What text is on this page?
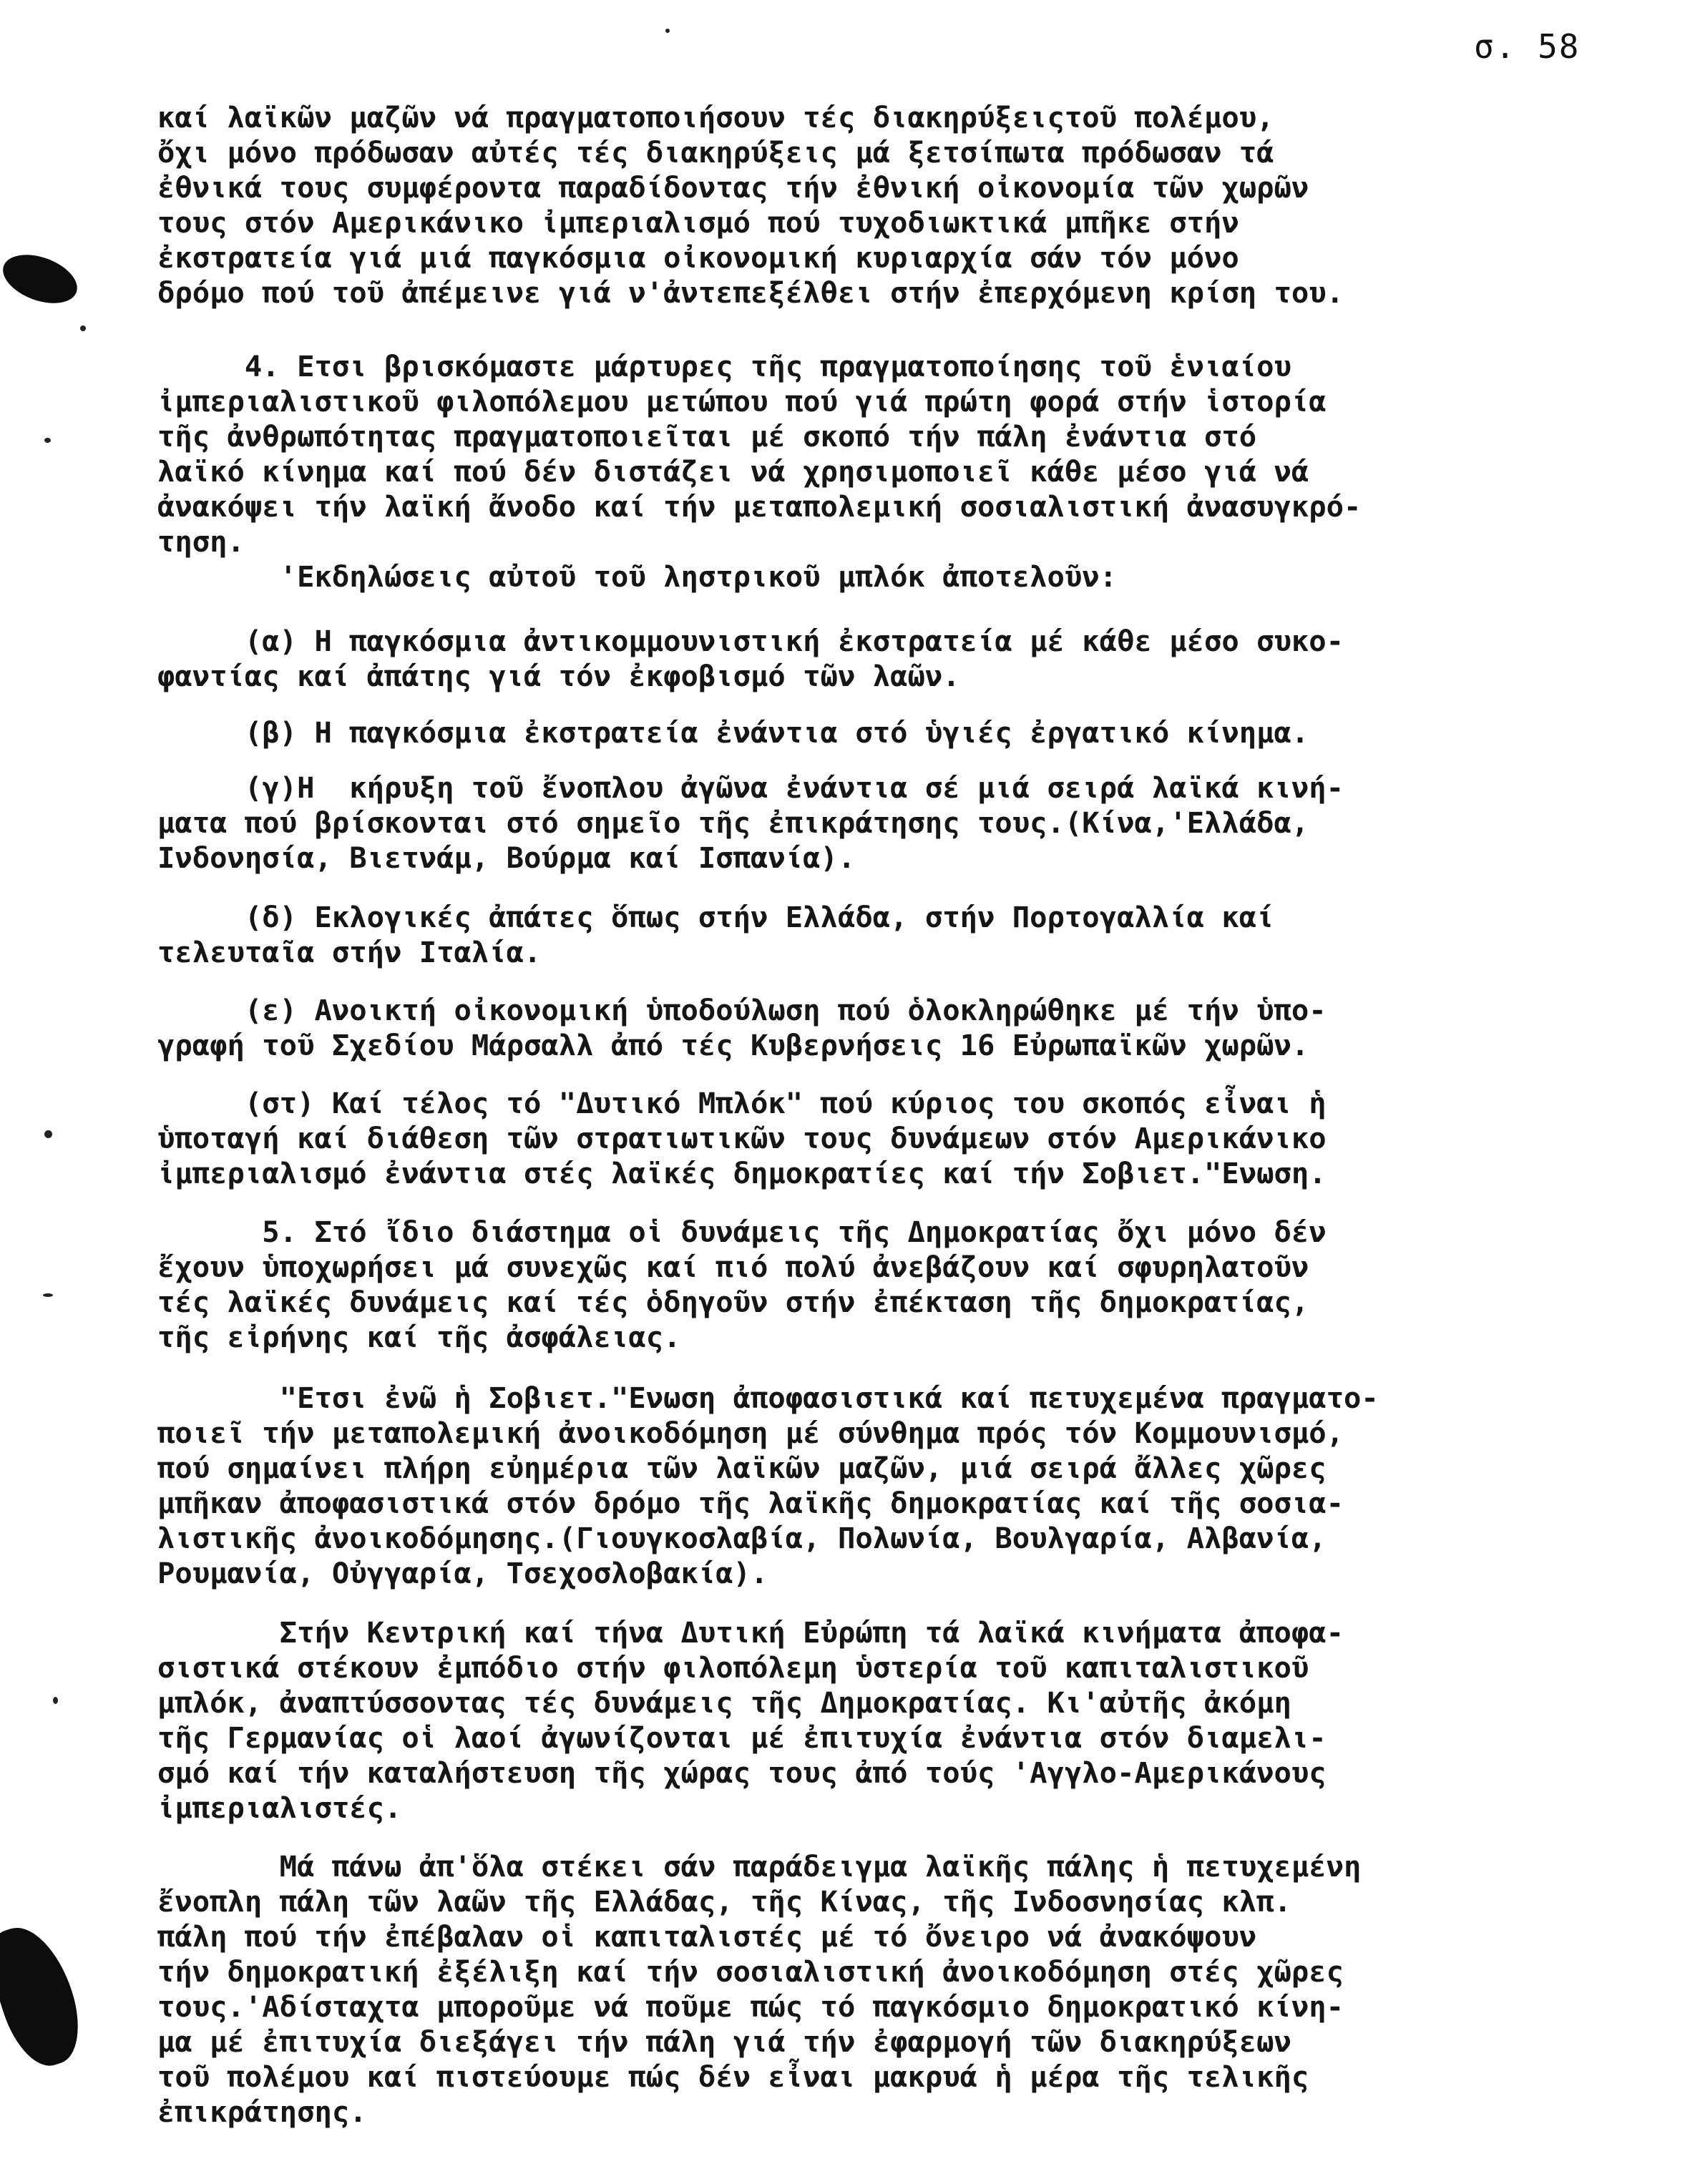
σ. 58
καί λαϊκῶν μαζῶν νά πραγματοποιήσουν τές διακηρύξειςτοῦ πολέμου,
ὄχι μόνο πρόδωσαν αὐτές τές διακηρύξεις μά ξετσίπωτα πρόδωσαν τά
ἐθνικά τους συμφέροντα παραδίδοντας τήν ἐθνική οἰκονομία τῶν χωρῶν
τους στόν Αμερικάνικο ἰμπεριαλισμό πού τυχοδιωκτικά μπῆκε στήν
ἐκστρατεία γιά μιά παγκόσμια οἰκονομική κυριαρχία σάν τόν μόνο
δρόμο πού τοῦ ἀπέμεινε γιά ν'ἀντεπεξέλθει στήν ἐπερχόμενη κρίση του.
4. Ετσι βρισκόμαστε μάρτυρες τῆς πραγματοποίησης τοῦ ἑνιαίου
ἰμπεριαλιστικοῦ φιλοπόλεμου μετώπου πού γιά πρώτη φορά στήν ἱστορία
τῆς ἀνθρωπότητας πραγματοποιεῖται μέ σκοπό τήν πάλη ἐνάντια στό
λαϊκό κίνημα καί πού δέν διστάζει νά χρησιμοποιεῖ κάθε μέσο γιά νά
ἀνακόψει τήν λαϊκή ἄνοδο καί τήν μεταπολεμική σοσιαλιστική ἀνασυγκρό-
τηση.
'Εκδηλώσεις αὐτοῦ τοῦ ληστρικοῦ μπλόκ ἀποτελοῦν:
(α) Η παγκόσμια ἀντικομμουνιστική ἐκστρατεία μέ κάθε μέσο συκο-
φαντίας καί ἀπάτης γιά τόν ἐκφοβισμό τῶν λαῶν.
(β) Η παγκόσμια ἐκστρατεία ἐνάντια στό ὑγιές ἐργατικό κίνημα.
(γ)Η  κήρυξη τοῦ ἔνοπλου ἀγῶνα ἐνάντια σέ μιά σειρά λαϊκά κινή-
ματα πού βρίσκονται στό σημεῖο τῆς ἐπικράτησης τους.(Κίνα,'Ελλάδα,
Ινδονησία, Βιετνάμ, Βούρμα καί Ισπανία).
(δ) Εκλογικές ἀπάτες ὅπως στήν Ελλάδα, στήν Πορτογαλλία καί
τελευταῖα στήν Ιταλία.
(ε) Ανοικτή οἰκονομική ὑποδούλωση πού ὁλοκληρώθηκε μέ τήν ὑπο-
γραφή τοῦ Σχεδίου Μάρσαλλ ἀπό τές Κυβερνήσεις 16 Εὐρωπαϊκῶν χωρῶν.
(στ) Καί τέλος τό "Δυτικό Μπλόκ" πού κύριος του σκοπός εἶναι ἡ
ὑποταγή καί διάθεση τῶν στρατιωτικῶν τους δυνάμεων στόν Αμερικάνικο
ἰμπεριαλισμό ἐνάντια στές λαϊκές δημοκρατίες καί τήν Σοβιετ."Ενωση.
5. Στό ἴδιο διάστημα οἱ δυνάμεις τῆς Δημοκρατίας ὄχι μόνο δέν
ἔχουν ὑποχωρήσει μά συνεχῶς καί πιό πολύ ἀνεβάζουν καί σφυρηλατοῦν
τές λαϊκές δυνάμεις καί τές ὁδηγοῦν στήν ἐπέκταση τῆς δημοκρατίας,
τῆς εἰρήνης καί τῆς ἀσφάλειας.
"Ετσι ἐνῶ ἡ Σοβιετ."Ενωση ἀποφασιστικά καί πετυχεμένα πραγματο-
ποιεῖ τήν μεταπολεμική ἀνοικοδόμηση μέ σύνθημα πρός τόν Κομμουνισμό,
πού σημαίνει πλήρη εὐημέρια τῶν λαϊκῶν μαζῶν, μιά σειρά ἄλλες χῶρες
μπῆκαν ἀποφασιστικά στόν δρόμο τῆς λαϊκῆς δημοκρατίας καί τῆς σοσια-
λιστικῆς ἀνοικοδόμησης.(Γιουγκοσλαβία, Πολωνία, Βουλγαρία, Αλβανία,
Ρουμανία, Οὐγγαρία, Τσεχοσλοβακία).
Στήν Κεντρική καί τήνα Δυτική Εὐρώπη τά λαϊκά κινήματα ἀποφα-
σιστικά στέκουν ἐμπόδιο στήν φιλοπόλεμη ὑστερία τοῦ καπιταλιστικοῦ
μπλόκ, ἀναπτύσσοντας τές δυνάμεις τῆς Δημοκρατίας. Κι'αὐτῆς ἀκόμη
τῆς Γερμανίας οἱ λαοί ἀγωνίζονται μέ ἐπιτυχία ἐνάντια στόν διαμελι-
σμό καί τήν καταλήστευση τῆς χώρας τους ἀπό τούς 'Αγγλο-Αμερικάνους
ἰμπεριαλιστές.
Μά πάνω ἀπ'ὅλα στέκει σάν παράδειγμα λαϊκῆς πάλης ἡ πετυχεμένη
ἔνοπλη πάλη τῶν λαῶν τῆς Ελλάδας, τῆς Κίνας, τῆς Ινδοσνησίας κλπ.
πάλη πού τήν ἐπέβαλαν οἱ καπιταλιστές μέ τό ὄνειρο νά ἀνακόψουν
τήν δημοκρατική ἐξέλιξη καί τήν σοσιαλιστική ἀνοικοδόμηση στές χῶρες
τους.'Αδίσταχτα μποροῦμε νά ποῦμε πώς τό παγκόσμιο δημοκρατικό κίνη-
μα μέ ἐπιτυχία διεξάγει τήν πάλη γιά τήν ἐφαρμογή τῶν διακηρύξεων
τοῦ πολέμου καί πιστεύουμε πώς δέν εἶναι μακρυά ἡ μέρα τῆς τελικῆς
ἐπικράτησης.
